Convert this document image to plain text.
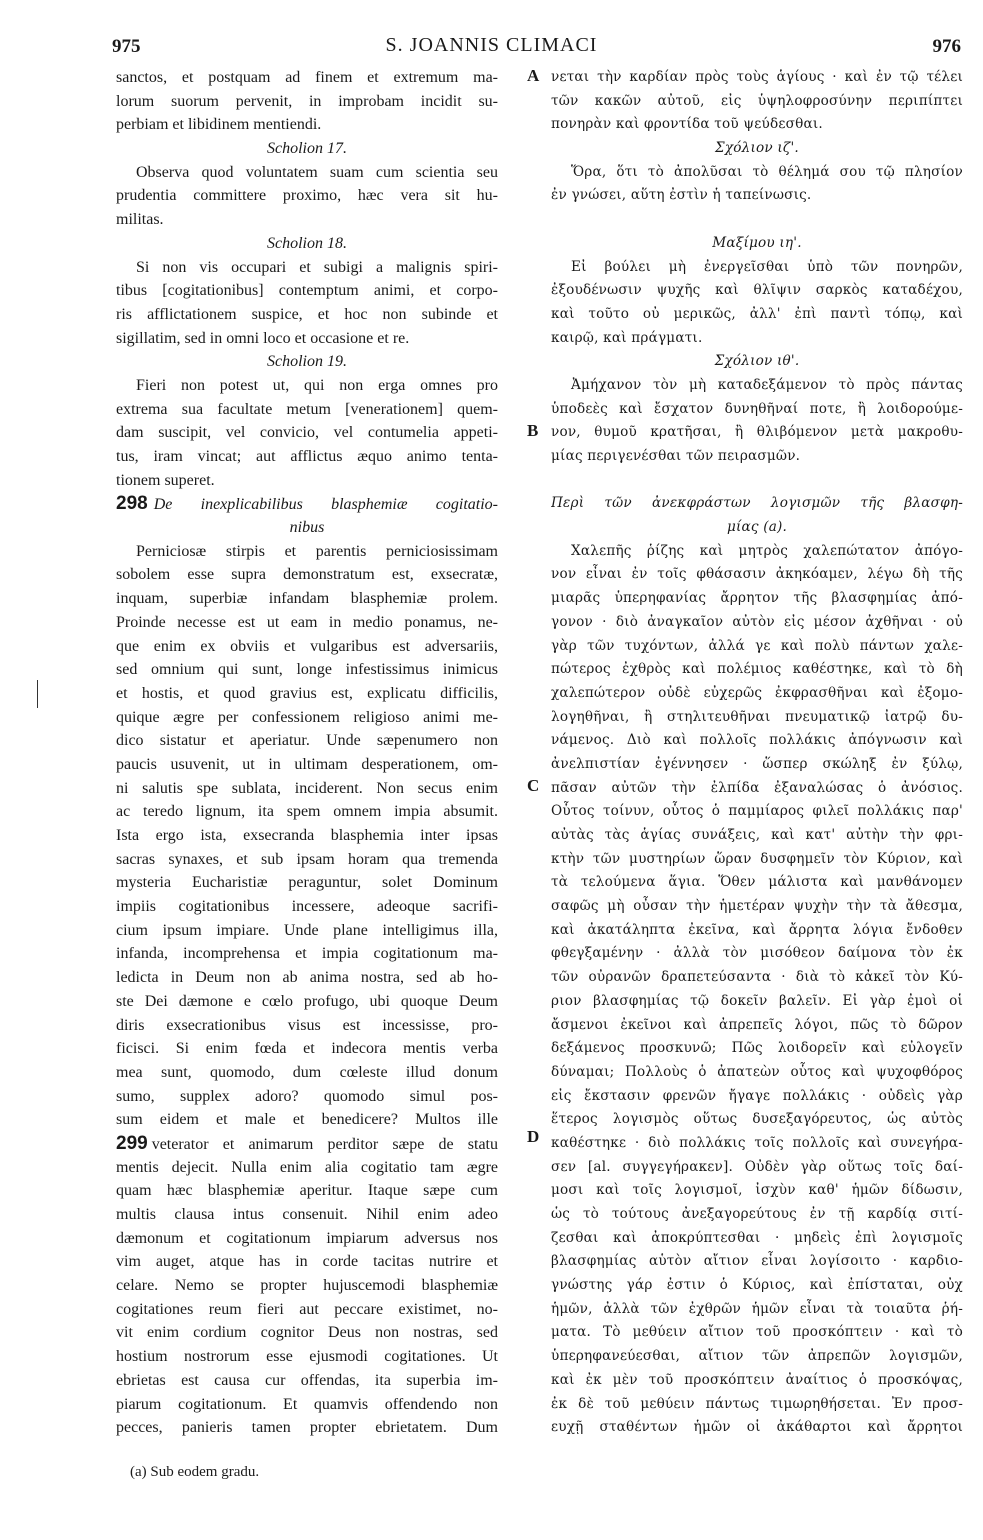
975	S. JOANNIS CLIMACI	976
A
B
C
D
sanctos, et postquam ad finem et extremum ma-
lorum suorum pervenit, in improbam incidit su-
perbiam et libidinem mentiendi.
Scholion 17.
Observa quod voluntatem suam cum scientia seu
prudentia committere proximo, hæc vera sit hu-
militas.
Scholion 18.
Si non vis occupari et subigi a malignis spiri-
tibus [cogitationibus] contemptum animi, et corpo-
ris afflictationem suspice, et hoc non subinde et
sigillatim, sed in omni loco et occasione et re.
Scholion 19.
Fieri non potest ut, qui non erga omnes pro
extrema sua facultate metum [venerationem] quem-
dam suscipit, vel convicio, vel contumelia appeti-
tus, iram vincat; aut afflictus æquo animo tenta-
tionem superet.
298 De inexplicabilibus blasphemiæ cogitatio-
nibus
Perniciosæ stirpis et parentis perniciosissimam
sobolem esse supra demonstratum est, exsecratæ,
inquam, superbiæ infandam blasphemiæ prolem.
Proinde necesse est ut eam in medio ponamus, ne-
que enim ex obviis et vulgaribus est adversariis,
sed omnium qui sunt, longe infestissimus inimicus
et hostis, et quod gravius est, explicatu difficilis,
quique ægre per confessionem religioso animi me-
dico sistatur et aperiatur. Unde sæpenumero non
paucis usuvenit, ut in ultimam desperationem, om-
ni salutis spe sublata, inciderent. Non secus enim
ac teredo lignum, ita spem omnem impia absumit.
Ista ergo ista, exsecranda blasphemia inter ipsas
sacras synaxes, et sub ipsam horam qua tremenda
mysteria Eucharistiæ peraguntur, solet Dominum
impiis cogitationibus incessere, adeoque sacrifi-
cium ipsum impiare. Unde plane intelligimus illa,
infanda, incomprehensa et impia cogitationum ma-
ledicta in Deum non ab anima nostra, sed ab ho-
ste Dei dæmone e cœlo profugo, ubi quoque Deum
diris exsecrationibus visus est incessisse, pro-
ficisci. Si enim fœda et indecora mentis verba
mea sunt, quomodo, dum cœleste illud donum
sumo, supplex adoro? quomodo simul pos-
sum eidem et male et benedicere? Multos ille
299 veterator et animarum perditor sæpe de statu
mentis dejecit. Nulla enim alia cogitatio tam ægre
quam hæc blasphemiæ aperitur. Itaque sæpe cum
multis clausa intus consenuit. Nihil enim adeo
dæmonum et cogitationum impiarum adversus nos
vim auget, atque has in corde tacitas nutrire et
celare. Nemo se propter hujuscemodi blasphemiæ
cogitationes reum fieri aut peccare existimet, no-
vit enim cordium cognitor Deus non nostras, sed
hostium nostrorum esse ejusmodi cogitationes. Ut
ebrietas est causa cur offendas, ita superbia im-
piarum cogitationum. Et quamvis offendendo non
pecces, panieris tamen propter ebrietatem. Dum
νεται τὴν καρδίαν πρὸς τοὺς ἁγίους · καὶ ἐν τῷ τέλει
τῶν κακῶν αὐτοῦ, εἰς ὑψηλοφροσύνην περιπίπτει
πονηρὰν καὶ φροντίδα τοῦ ψεύδεσθαι.
Σχόλιον ιζ'.
Ὅρα, ὅτι τὸ ἀπολῦσαι τὸ θέλημά σου τῷ πλησίον
ἐν γνώσει, αὕτη ἐστὶν ἡ ταπείνωσις.
Μαξίμου ιη'.
Εἰ βούλει μὴ ἐνεργεῖσθαι ὑπὸ τῶν πονηρῶν,
ἐξουδένωσιν ψυχῆς καὶ θλῖψιν σαρκὸς καταδέχου,
καὶ τοῦτο οὐ μερικῶς, ἀλλ' ἐπὶ παντὶ τόπῳ, καὶ
καιρῷ, καὶ πράγματι.
Σχόλιον ιθ'.
Ἀμήχανον τὸν μὴ καταδεξάμενον τὸ πρὸς πάντας
ὑποδεὲς καὶ ἔσχατον δυνηθῆναί ποτε, ἢ λοιδορούμε-
νον, θυμοῦ κρατῆσαι, ἢ θλιβόμενον μετὰ μακροθυ-
μίας περιγενέσθαι τῶν πειρασμῶν.
Περὶ τῶν ἀνεκφράστων λογισμῶν τῆς βλασφη-
μίας (a).
Χαλεπῆς ῥίζης καὶ μητρὸς χαλεπώτατον ἀπόγο-
νον εἶναι ἐν τοῖς φθάσασιν ἀκηκόαμεν, λέγω δὴ τῆς
μιαρᾶς ὑπερηφανίας ἄρρητον τῆς βλασφημίας ἀπό-
γονον · διὸ ἀναγκαῖον αὐτὸν εἰς μέσον ἀχθῆναι · οὐ
γὰρ τῶν τυχόντων, ἀλλά γε καὶ πολὺ πάντων χαλε-
πώτερος ἐχθρὸς καὶ πολέμιος καθέστηκε, καὶ τὸ δὴ
χαλεπώτερον οὐδὲ εὐχερῶς ἐκφρασθῆναι καὶ ἐξομο-
λογηθῆναι, ἢ στηλιτευθῆναι πνευματικῷ ἰατρῷ δυ-
νάμενος. Διὸ καὶ πολλοῖς πολλάκις ἀπόγνωσιν καὶ
ἀνελπιστίαν ἐγέννησεν · ὥσπερ σκώληξ ἐν ξύλῳ,
πᾶσαν αὐτῶν τὴν ἐλπίδα ἐξαναλώσας ὁ ἀνόσιος.
Οὗτος τοίνυν, οὗτος ὁ παμμίαρος φιλεῖ πολλάκις παρ'
αὐτὰς τὰς ἁγίας συνάξεις, καὶ κατ' αὐτὴν τὴν φρι-
κτὴν τῶν μυστηρίων ὥραν δυσφημεῖν τὸν Κύριον, καὶ
τὰ τελούμενα ἅγια. Ὅθεν μάλιστα καὶ μανθάνομεν
σαφῶς μὴ οὖσαν τὴν ἡμετέραν ψυχὴν τὴν τὰ ἄθεσμα,
καὶ ἀκατάληπτα ἐκεῖνα, καὶ ἄρρητα λόγια ἔνδοθεν
φθεγξαμένην · ἀλλὰ τὸν μισόθεον δαίμονα τὸν ἐκ
τῶν οὐρανῶν δραπετεύσαντα · διὰ τὸ κἀκεῖ τὸν Κύ-
ριον βλασφημίας τῷ δοκεῖν βαλεῖν. Εἰ γὰρ ἐμοὶ οἱ
ἄσμενοι ἐκεῖνοι καὶ ἀπρεπεῖς λόγοι, πῶς τὸ δῶρον
δεξάμενος προσκυνῶ; Πῶς λοιδορεῖν καὶ εὐλογεῖν
δύναμαι; Πολλοὺς ὁ ἀπατεὼν οὗτος καὶ ψυχοφθόρος
εἰς ἔκστασιν φρενῶν ἤγαγε πολλάκις · οὐδεὶς γὰρ
ἕτερος λογισμὸς οὕτως δυσεξαγόρευτος, ὡς αὐτὸς
καθέστηκε · διὸ πολλάκις τοῖς πολλοῖς καὶ συνεγήρα-
σεν [al. συγγεγήρακεν]. Οὐδὲν γὰρ οὕτως τοῖς δαί-
μοσι καὶ τοῖς λογισμοῖ, ἰσχὺν καθ' ἡμῶν δίδωσιν,
ὡς τὸ τούτους ἀνεξαγορεύτους ἐν τῇ καρδίᾳ σιτί-
ζεσθαι καὶ ἀποκρύπτεσθαι · μηδεὶς ἐπὶ λογισμοῖς
βλασφημίας αὑτὸν αἴτιον εἶναι λογίσοιτο · καρδιο-
γνώστης γάρ ἐστιν ὁ Κύριος, καὶ ἐπίσταται, οὐχ
ἡμῶν, ἀλλὰ τῶν ἐχθρῶν ἡμῶν εἶναι τὰ τοιαῦτα ῥή-
ματα. Τὸ μεθύειν αἴτιον τοῦ προσκόπτειν · καὶ τὸ
ὑπερηφανεύεσθαι, αἴτιον τῶν ἀπρεπῶν λογισμῶν,
καὶ ἐκ μὲν τοῦ προσκόπτειν ἀναίτιος ὁ προσκόψας,
ἐκ δὲ τοῦ μεθύειν πάντως τιμωρηθήσεται. Ἐν προσ-
ευχῇ σταθέντων ἡμῶν οἱ ἀκάθαρτοι καὶ ἄρρητοι
(a) Sub eodem gradu.
